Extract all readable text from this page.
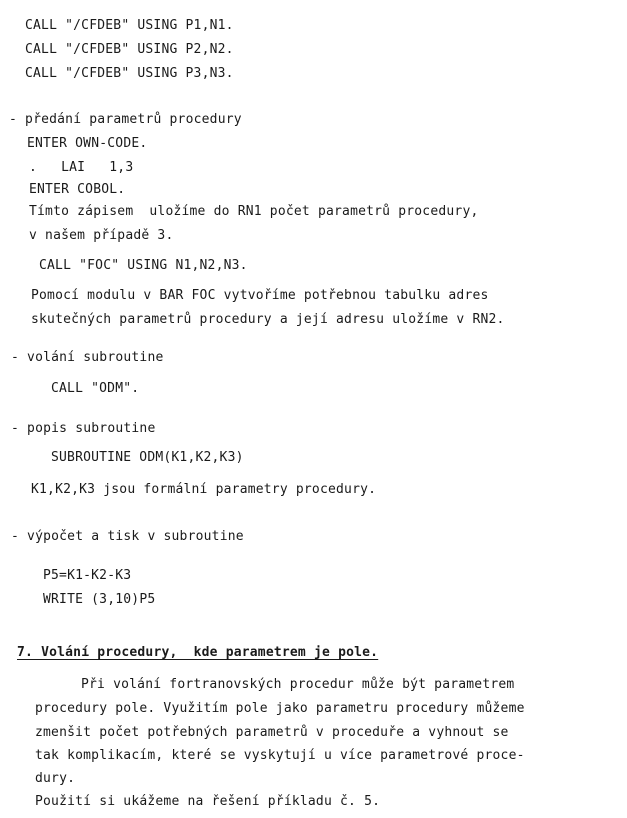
CALL "/CFDEB" USING P1,N1.
CALL "/CFDEB" USING P2,N2.
CALL "/CFDEB" USING P3,N3.
- předání parametrů procedury
ENTER OWN-CODE.
.   LAI   1,3
ENTER COBOL.
Tímto zápisem  uložíme do RN1 počet parametrů procedury,
v našem případě 3.
CALL "FOC" USING N1,N2,N3.
Pomocí modulu v BAR FOC vytvoříme potřebnou tabulku adres
skutečných parametrů procedury a její adresu uložíme v RN2.
- volání subroutine
CALL "ODM".
- popis subroutine
SUBROUTINE ODM(K1,K2,K3)
K1,K2,K3 jsou formální parametry procedury.
- výpočet a tisk v subroutine
P5=K1-K2-K3
WRITE (3,10)P5
7. Volání procedury,  kde parametrem je pole.
Při volání fortranovských procedur může být parametrem
procedury pole. Využitím pole jako parametru procedury můžeme
zmenšit počet potřebných parametrů v proceduře a vyhnout se
tak komplikacím, které se vyskytují u více parametrové proce-
dury.
Použití si ukážeme na řešení příkladu č. 5.
